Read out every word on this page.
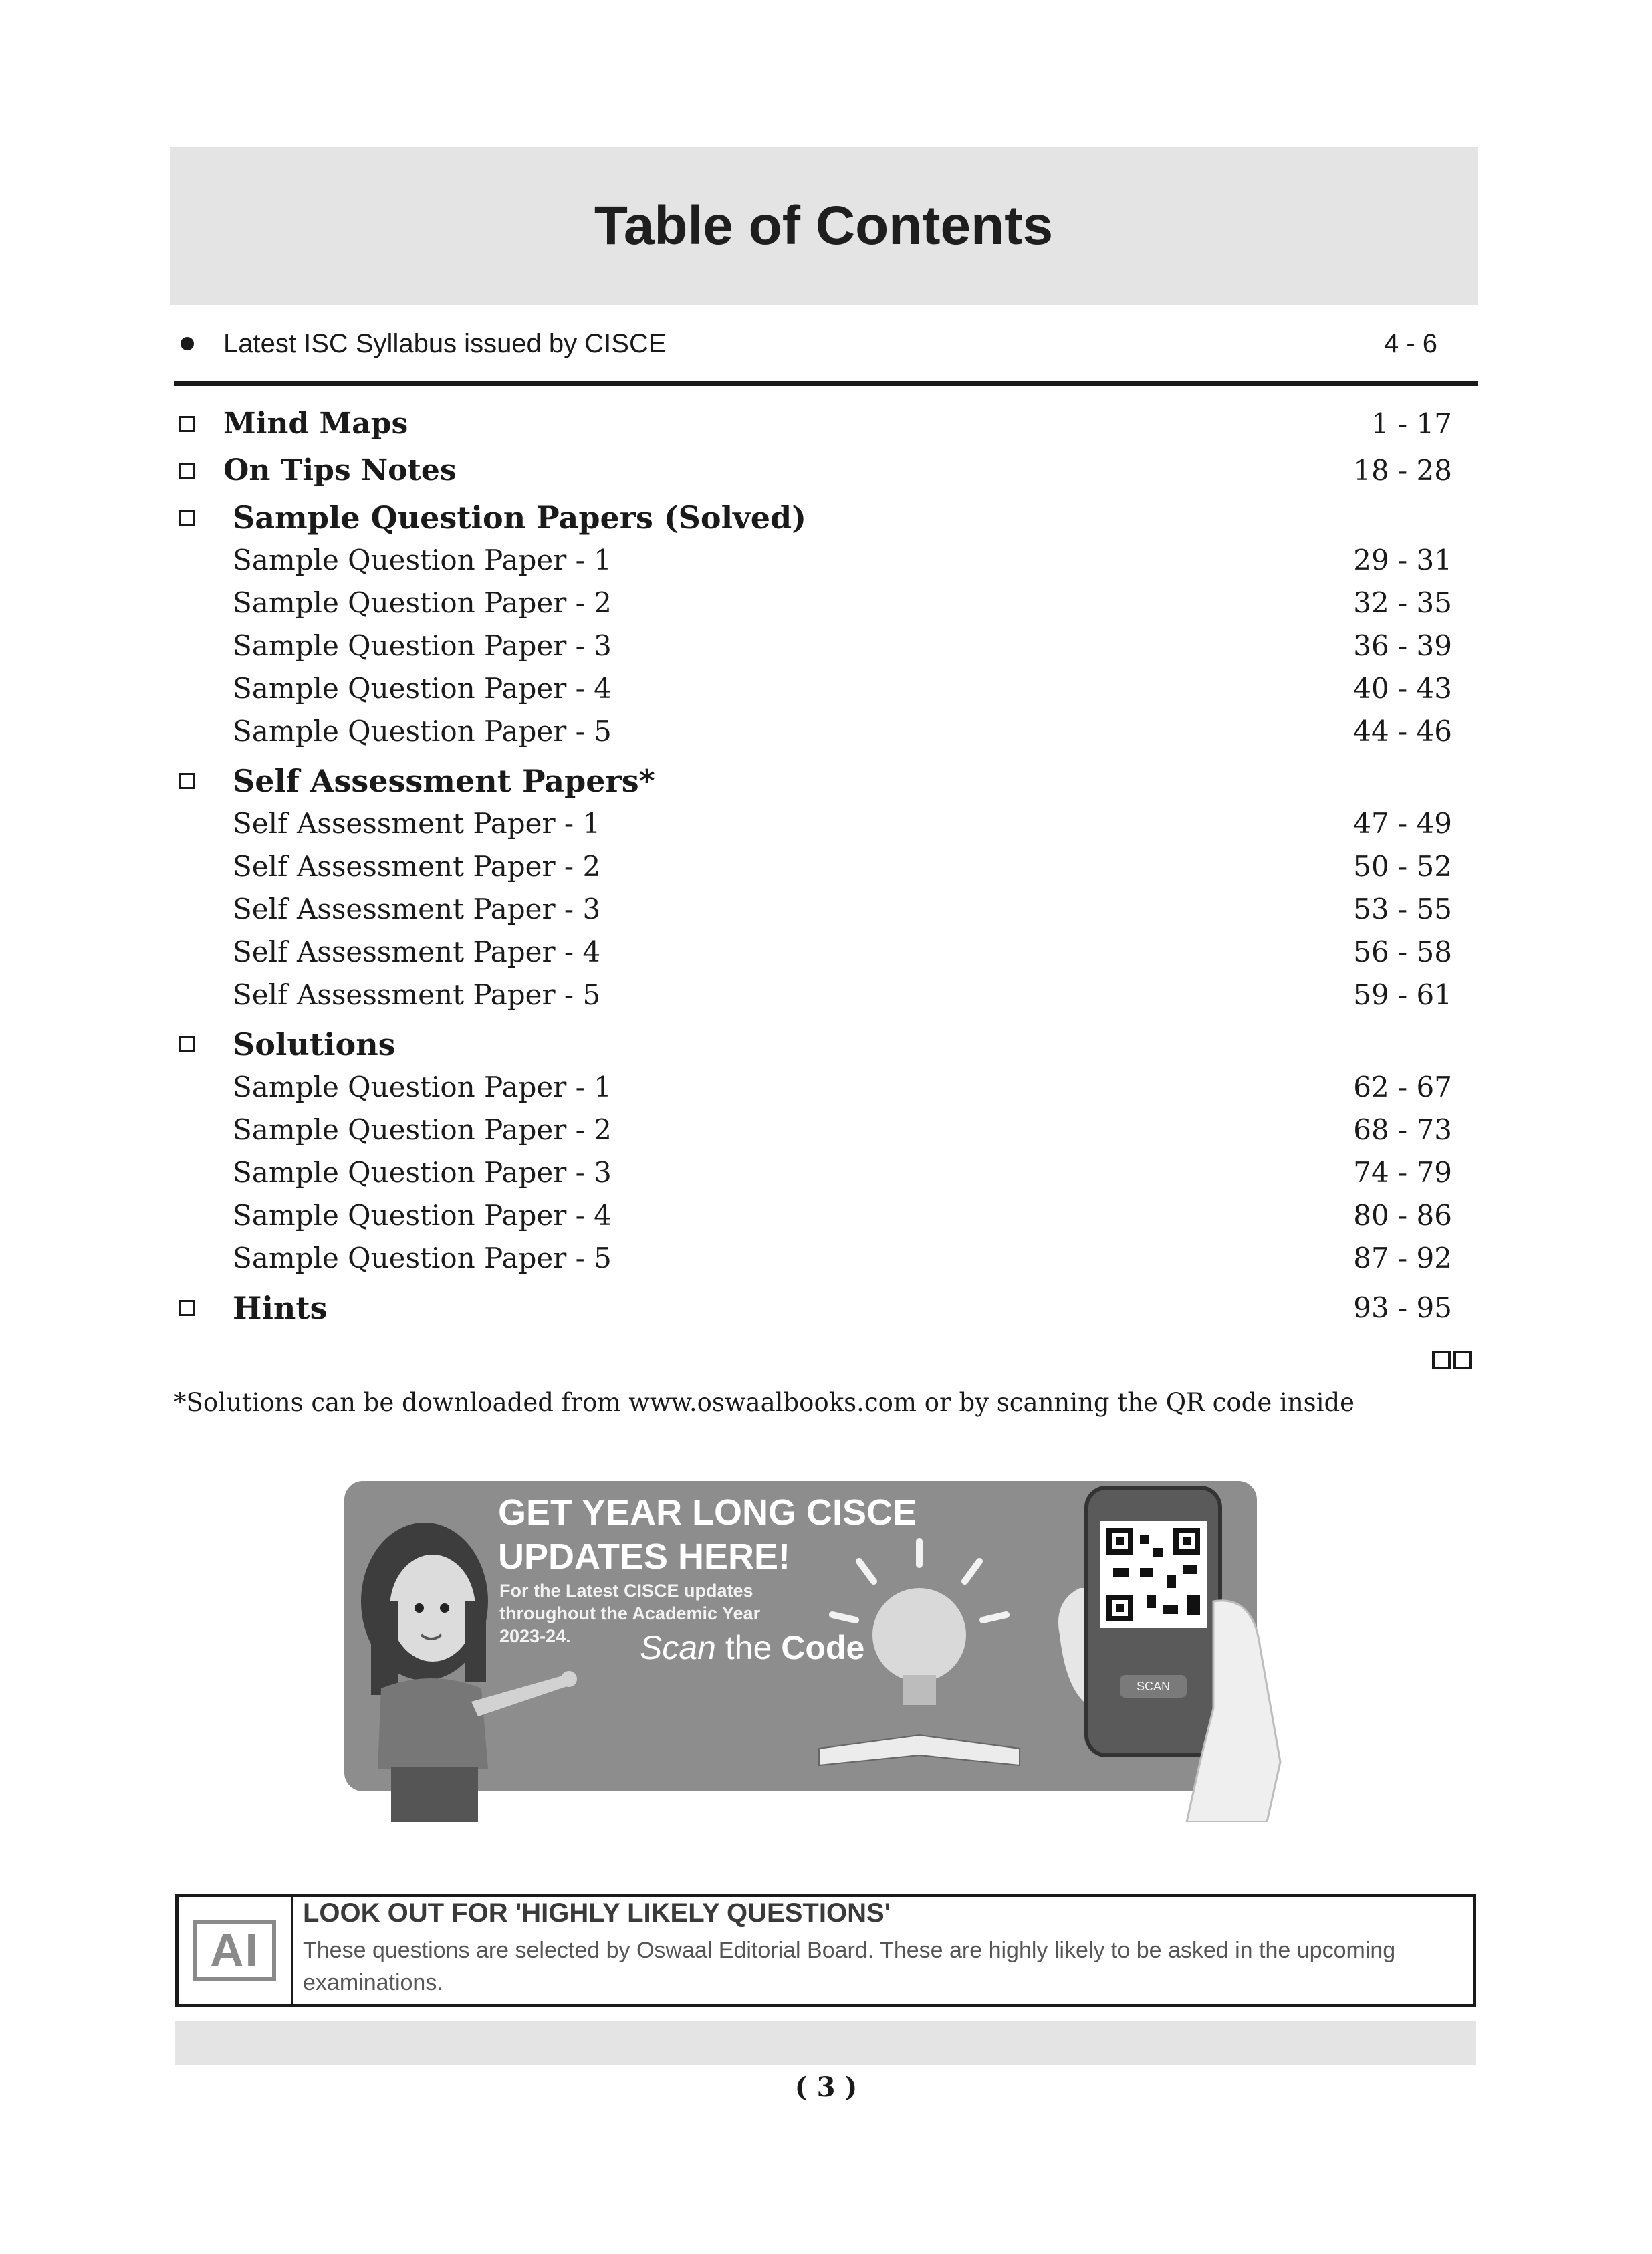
Table of Contents
Latest ISC Syllabus issued by CISCE	4 - 6
Mind Maps	1 - 17
On Tips Notes	18 - 28
Sample Question Papers (Solved)
Sample Question Paper - 1	29 - 31
Sample Question Paper - 2	32 - 35
Sample Question Paper - 3	36 - 39
Sample Question Paper - 4	40 - 43
Sample Question Paper - 5	44 - 46
Self Assessment Papers*
Self Assessment Paper - 1	47 - 49
Self Assessment Paper - 2	50 - 52
Self Assessment Paper - 3	53 - 55
Self Assessment Paper - 4	56 - 58
Self Assessment Paper - 5	59 - 61
Solutions
Sample Question Paper - 1	62 - 67
Sample Question Paper - 2	68 - 73
Sample Question Paper - 3	74 - 79
Sample Question Paper - 4	80 - 86
Sample Question Paper - 5	87 - 92
Hints	93 - 95
*Solutions can be downloaded from www.oswaalbooks.com or by scanning the QR code inside
GET YEAR LONG CISCE
UPDATES HERE!
For the Latest CISCE updates
throughout the Academic Year
2023-24.	Scan the Code
SCAN
AI
LOOK OUT FOR 'HIGHLY LIKELY QUESTIONS'
These questions are selected by Oswaal Editorial Board. These are highly likely to be asked in the upcoming examinations.
( 3 )
